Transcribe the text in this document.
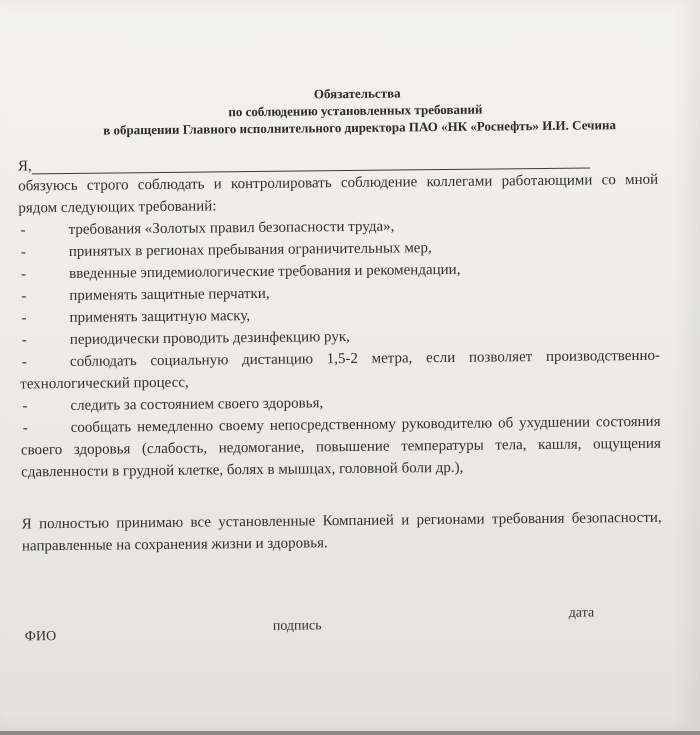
Обязательства
по соблюдению установленных требований
в обращении Главного исполнительного директора ПАО «НК «Роснефть» И.И. Сечина
Я,
обязуюсь строго соблюдать и контролировать соблюдение коллегами работающими со мной
рядом следующих требований:
-	требования «Золотых правил безопасности труда»,
-	принятых в регионах пребывания ограничительных мер,
-	введенные эпидемиологические требования и рекомендации,
-	применять защитные перчатки,
-	применять защитную маску,
-	периодически проводить дезинфекцию рук,
-	соблюдать социальную дистанцию 1,5-2 метра, если позволяет производственно-
технологический процесс,
-	следить за состоянием своего здоровья,
-	сообщать немедленно своему непосредственному руководителю об ухудшении состояния
своего здоровья (слабость, недомогание, повышение температуры тела, кашля, ощущения
сдавленности в грудной клетке, болях в мышцах, головной боли др.),
Я полностью принимаю все установленные Компанией и регионами требования безопасности,
направленные на сохранения жизни и здоровья.
ФИО
подпись
дата
